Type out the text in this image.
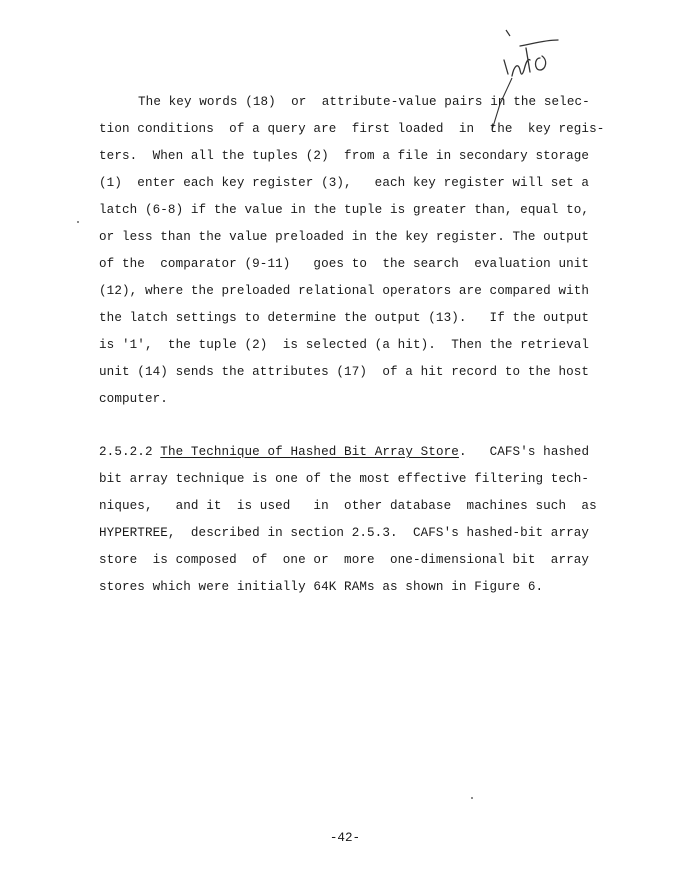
The key words (18)  or  attribute-value pairs in the selec-
tion conditions  of a query are  first loaded  in  the  key regis-
ters.  When all the tuples (2)  from a file in secondary storage
(1)  enter each key register (3),   each key register will set a
latch (6-8) if the value in the tuple is greater than, equal to,
or less than the value preloaded in the key register. The output
of the  comparator (9-11)   goes to  the search  evaluation unit
(12), where the preloaded relational operators are compared with
the latch settings to determine the output (13).   If the output
is '1',  the tuple (2)  is selected (a hit).  Then the retrieval
unit (14) sends the attributes (17)  of a hit record to the host
computer.
2.5.2.2 The Technique of Hashed Bit Array Store.   CAFS's hashed
bit array technique is one of the most effective filtering tech-
niques,   and it  is used   in  other database  machines such  as
HYPERTREE,  described in section 2.5.3.  CAFS's hashed-bit array
store  is composed  of  one or  more  one-dimensional bit  array
stores which were initially 64K RAMs as shown in Figure 6.
-42-
